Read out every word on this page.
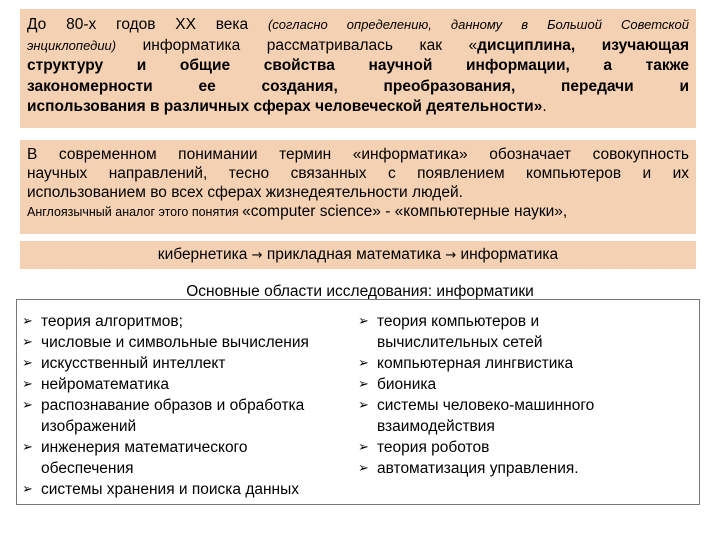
До 80-х годов XX века (согласно определению, данному в Большой Советской
энциклопедии) информатика рассматривалась как «дисциплина, изучающая
структуру и общие свойства научной информации, а также
закономерности ее создания, преобразования, передачи и
использования в различных сферах человеческой деятельности».
В современном понимании термин «информатика» обозначает совокупность
научных направлений, тесно связанных с появлением компьютеров и их
использованием во всех сферах жизнедеятельности людей.
Англоязычный аналог этого понятия «computer science» - «компьютерные науки»,
кибернетика → прикладная математика → информатика
Основные области исследования: информатики
➢ теория алгоритмов;
➢ числовые и символьные вычисления
➢ искусственный интеллект
➢ нейроматематика
➢ распознавание образов и обработка
изображений
➢ инженерия математического
обеспечения
➢ системы хранения и поиска данных
➢ теория компьютеров и
вычислительных сетей
➢ компьютерная лингвистика
➢ бионика
➢ системы человеко-машинного
взаимодействия
➢ теория роботов
➢ автоматизация управления.
